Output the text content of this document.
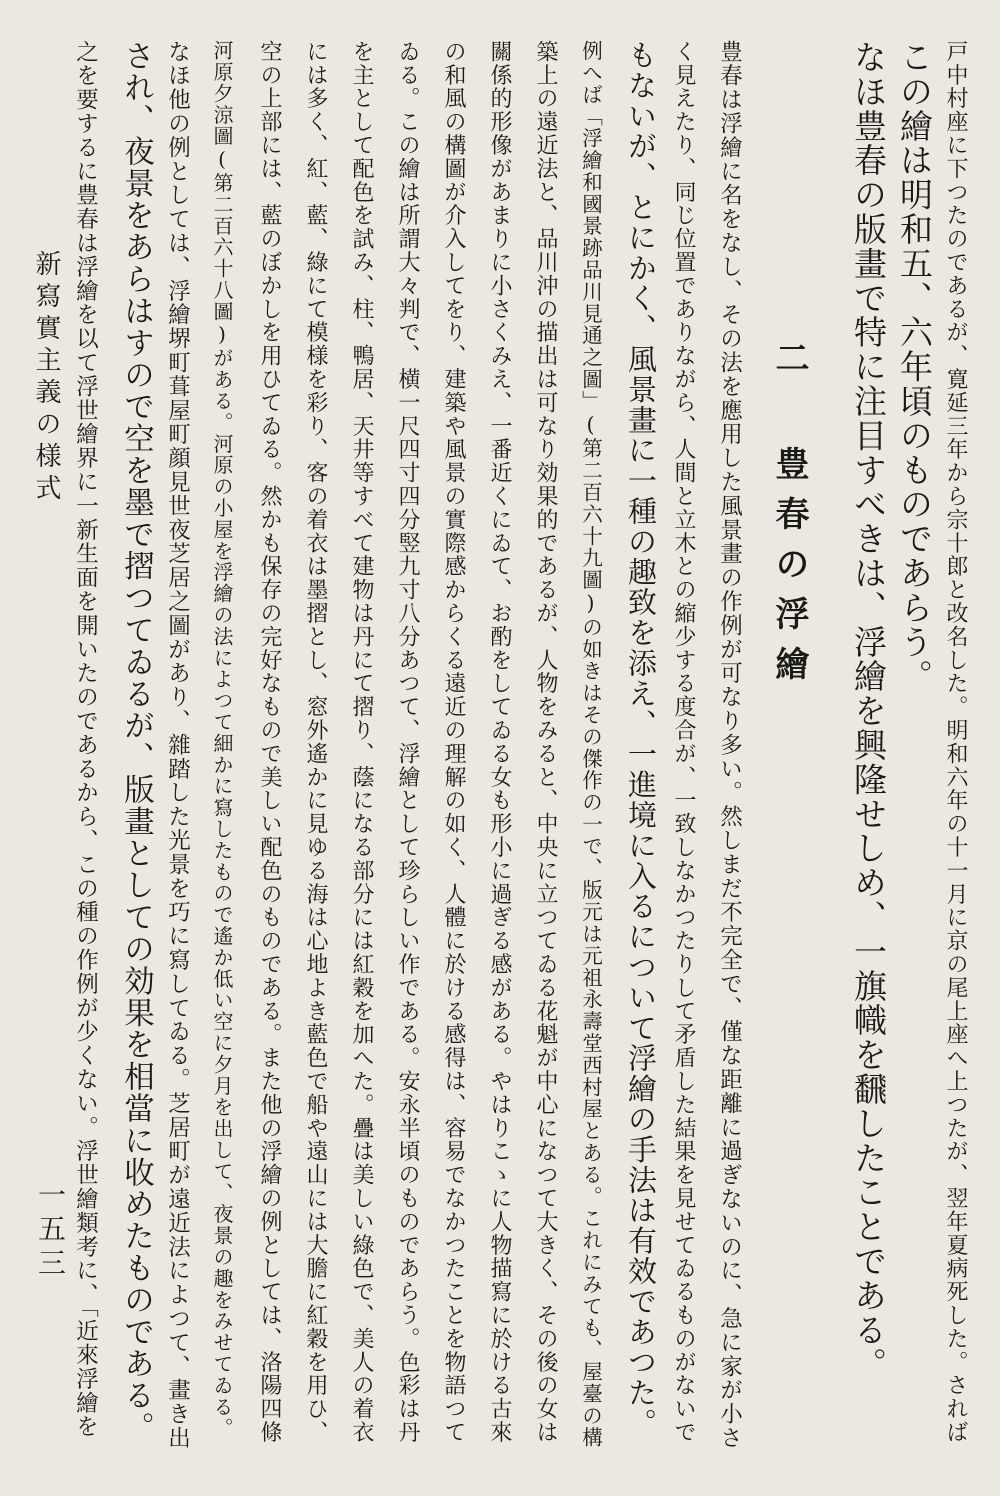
戸中村座に下つたのであるが、寛延三年から宗十郎と改名した。明和六年の十一月に京の尾上座へ上つたが、翌年夏病死した。されば
この繪は明和五、六年頃のものであらう。
なほ豊春の版畫で特に注目すべきは、浮繪を興隆せしめ、一旗幟を飜したことである。
豊春は浮繪に名をなし、その法を應用した風景畫の作例が可なり多い。然しまだ不完全で、僅な距離に過ぎないのに、急に家が小さ
く見えたり、同じ位置でありながら、人間と立木との縮少する度合が、一致しなかつたりして矛盾した結果を見せてゐるものがないで
もないが、とにかく、風景畫に一種の趣致を添え、一進境に入るについて浮繪の手法は有效であつた。
例へば「浮繪和國景跡品川見通之圖」(第二百六十九圖)の如きはその傑作の一で、版元は元祖永壽堂西村屋とある。これにみても、屋臺の構
築上の遠近法と、品川沖の描出は可なり効果的であるが、人物をみると、中央に立つてゐる花魁が中心になつて大きく、その後の女は
關係的形像があまりに小さくみえ、一番近くにゐて、お酌をしてゐる女も形小に過ぎる感がある。やはりこゝに人物描寫に於ける古來
の和風の構圖が介入してをり、建築や風景の實際感からくる遠近の理解の如く、人體に於ける感得は、容易でなかつたことを物語つて
ゐる。この繪は所謂大々判で、横一尺四寸四分竪九寸八分あつて、浮繪として珍らしい作である。安永半頃のものであらう。色彩は丹
を主として配色を試み、柱、鴨居、天井等すべて建物は丹にて摺り、蔭になる部分には紅穀を加へた。疊は美しい綠色で、美人の着衣
には多く、紅、藍、綠にて模様を彩り、客の着衣は墨摺とし、窓外遙かに見ゆる海は心地よき藍色で船や遠山には大膽に紅穀を用ひ、
空の上部には、藍のぼかしを用ひてゐる。然かも保存の完好なもので美しい配色のものである。また他の浮繪の例としては、洛陽四條
河原夕涼圖(第二百六十八圖)がある。河原の小屋を浮繪の法によつて細かに寫したもので遙か低い空に夕月を出して、夜景の趣をみせてゐる。
なほ他の例としては、浮繪堺町葺屋町顔見世夜芝居之圖があり、雜踏した光景を巧に寫してゐる。芝居町が遠近法によつて、畫き出
され、夜景をあらはすので空を墨で摺つてゐるが、版畫としての効果を相當に收めたものである。
之を要するに豊春は浮繪を以て浮世繪界に一新生面を開いたのであるから、この種の作例が少くない。浮世繪類考に、「近來浮繪を	二 豊春の浮繪
新寫實主義の様式
一五三
